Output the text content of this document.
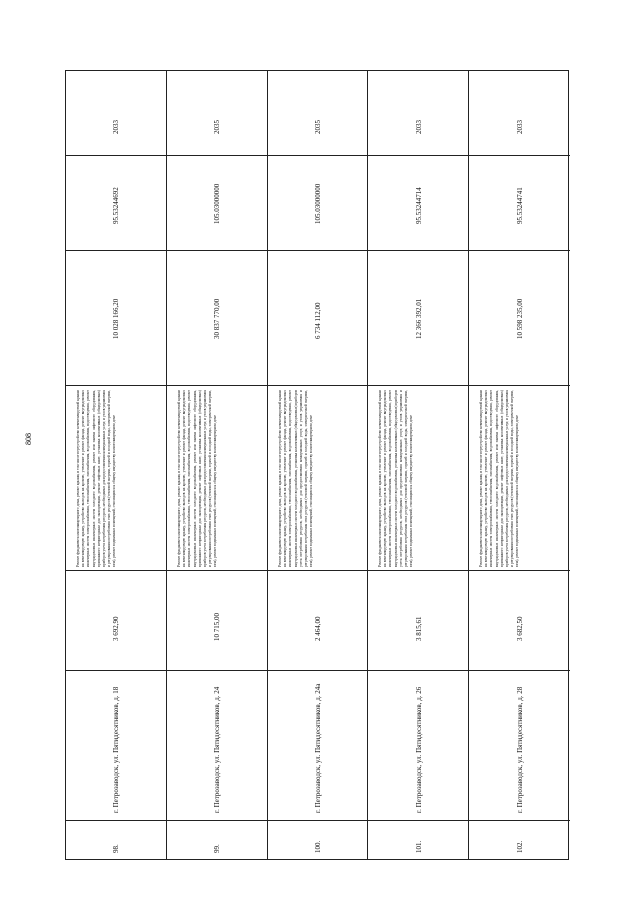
808
2033
95.53244692
10 028 166,20
Ремонт фундамента многоквартирного дома, ремонт крыши, в том числе переустройство невентилируемой крыши на вентилируемую крышу, устройство выходов на кровлю, утепление и ремонт фасада, ремонт внутридомовых инженерных систем электроснабжения, теплоснабжения, газоснабжения, водоснабжения, водоотведения, ремонт внутридомовых инженерных систем холодного водоснабжения, ремонт или замена лифтового оборудования, признанного непригодным для эксплуатации, ремонт лифтовых шахт, установка коллективных (общедомовых) приборов учета потребления ресурсов, необходимых для предоставления коммунальных услуг, и узлов управления и регулирования потребления этих ресурсов (тепловой энергии, горячей и холодной воды, электрической энергии, газа), ремонт подвальных помещений, относящихся к общему имуществу в многоквартирном доме
3 692,90
г. Петрозаводск, ул. Пятидесятников, д. 18
98.
2035
105.03000000
30 837 770,00
Ремонт фундамента многоквартирного дома, ремонт крыши, в том числе переустройство невентилируемой крыши на вентилируемую крышу, устройство выходов на кровлю, утепление и ремонт фасада, ремонт внутридомовых инженерных систем электроснабжения, теплоснабжения, газоснабжения, водоснабжения, водоотведения, ремонт внутридомовых инженерных систем холодного водоснабжения, ремонт или замена лифтового оборудования, признанного непригодным для эксплуатации, ремонт лифтовых шахт, установка коллективных (общедомовых) приборов учета потребления ресурсов, необходимых для предоставления коммунальных услуг, и узлов управления и регулирования потребления этих ресурсов (тепловой энергии, горячей и холодной воды, электрической энергии, газа), ремонт подвальных помещений, относящихся к общему имуществу в многоквартирном доме
10 715,00
г. Петрозаводск, ул. Пятидесятников, д. 24
99.
2035
105.03000000
6 734 112,00
Ремонт фундамента многоквартирного дома, ремонт крыши, в том числе переустройство невентилируемой крыши на вентилируемую крышу, устройство выходов на кровлю, утепление и ремонт фасада, ремонт внутридомовых инженерных систем электроснабжения, теплоснабжения, газоснабжения, водоснабжения, водоотведения, ремонт внутридомовых инженерных систем холодного водоснабжения, установка коллективных (общедомовых) приборов учета потребления ресурсов, необходимых для предоставления коммунальных услуг, и узлов управления и регулирования потребления этих ресурсов (тепловой энергии, горячей и холодной воды, электрической энергии, газа), ремонт подвальных помещений, относящихся к общему имуществу в многоквартирном доме
2 464,00
г. Петрозаводск, ул. Пятидесятников, д. 24а
100.
2033
95.53244714
12 366 392,01
Ремонт фундамента многоквартирного дома, ремонт крыши, в том числе переустройство невентилируемой крыши на вентилируемую крышу, устройство выходов на кровлю, утепление и ремонт фасада, ремонт внутридомовых инженерных систем электроснабжения, теплоснабжения, газоснабжения, водоснабжения, водоотведения, ремонт внутридомовых инженерных систем холодного водоснабжения, установка коллективных (общедомовых) приборов учета потребления ресурсов, необходимых для предоставления коммунальных услуг, и узлов управления и регулирования потребления этих ресурсов (тепловой энергии, горячей и холодной воды, электрической энергии, газа), ремонт подвальных помещений, относящихся к общему имуществу в многоквартирном доме
3 815,61
г. Петрозаводск, ул. Пятидесятников, д. 26
101.
2033
95.53244741
10 598 235,00
Ремонт фундамента многоквартирного дома, ремонт крыши, в том числе переустройство невентилируемой крыши на вентилируемую крышу, устройство выходов на кровлю, утепление и ремонт фасада, ремонт внутридомовых инженерных систем электроснабжения, теплоснабжения, газоснабжения, водоснабжения, водоотведения, ремонт внутридомовых инженерных систем холодного водоснабжения, ремонт или замена лифтового оборудования, признанного непригодным для эксплуатации, ремонт лифтовых шахт, установка коллективных (общедомовых) приборов учета потребления ресурсов, необходимых для предоставления коммунальных услуг, и узлов управления и регулирования потребления этих ресурсов (тепловой энергии, горячей и холодной воды, электрической энергии, газа), ремонт подвальных помещений, относящихся к общему имуществу в многоквартирном доме
3 682,50
г. Петрозаводск, ул. Пятидесятников, д. 28
102.
